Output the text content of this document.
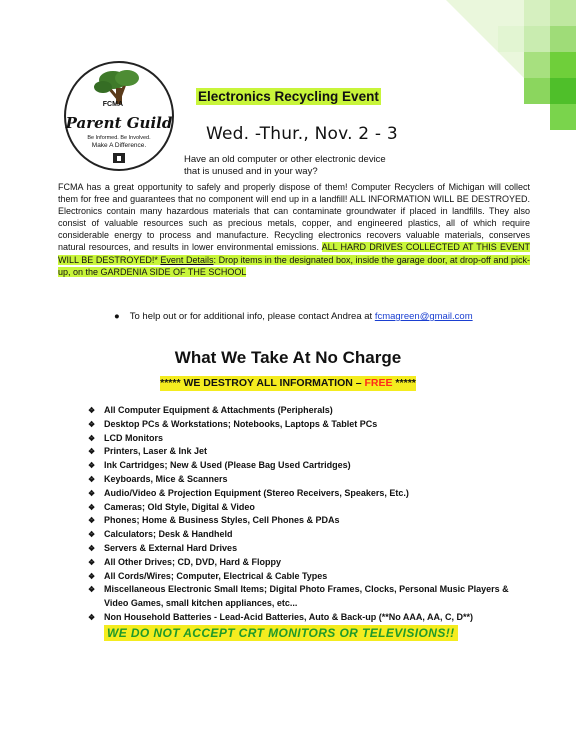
FCMA
Parent Guild
Be Informed. Be Involved.
Make A Difference.
Electronics Recycling Event
Wed. -Thur., Nov. 2 - 3
Have an old computer or other electronic device that is unused and in your way?
FCMA has a great opportunity to safely and properly dispose of them! Computer Recyclers of Michigan will collect them for free and guarantees that no component will end up in a landfill! ALL INFORMATION WILL BE DESTROYED. Electronics contain many hazardous materials that can contaminate groundwater if placed in landfills. They also consist of valuable resources such as precious metals, copper, and engineered plastics, all of which require considerable energy to process and manufacture. Recycling electronics recovers valuable materials, conserves natural resources, and results in lower environmental emissions. ALL HARD DRIVES COLLECTED AT THIS EVENT WILL BE DESTROYED!* Event Details: Drop items in the designated box, inside the garage door, at drop-off and pick-up, on the GARDENIA SIDE OF THE SCHOOL
● To help out or for additional info, please contact Andrea at fcmagreen@gmail.com
What We Take At No Charge
***** WE DESTROY ALL INFORMATION – FREE *****
❖ All Computer Equipment & Attachments (Peripherals)
❖ Desktop PCs & Workstations; Notebooks, Laptops & Tablet PCs
❖ LCD Monitors
❖ Printers, Laser & Ink Jet
❖ Ink Cartridges; New & Used (Please Bag Used Cartridges)
❖ Keyboards, Mice & Scanners
❖ Audio/Video & Projection Equipment (Stereo Receivers, Speakers, Etc.)
❖ Cameras; Old Style, Digital & Video
❖ Phones; Home & Business Styles, Cell Phones & PDAs
❖ Calculators; Desk & Handheld
❖ Servers & External Hard Drives
❖ All Other Drives; CD, DVD, Hard & Floppy
❖ All Cords/Wires; Computer, Electrical & Cable Types
❖ Miscellaneous Electronic Small Items; Digital Photo Frames, Clocks, Personal Music Players & Video Games, small kitchen appliances, etc...
❖ Non Household Batteries - Lead-Acid Batteries, Auto & Back-up (**No AAA, AA, C, D**)
WE DO NOT ACCEPT CRT MONITORS OR TELEVISIONS!!
